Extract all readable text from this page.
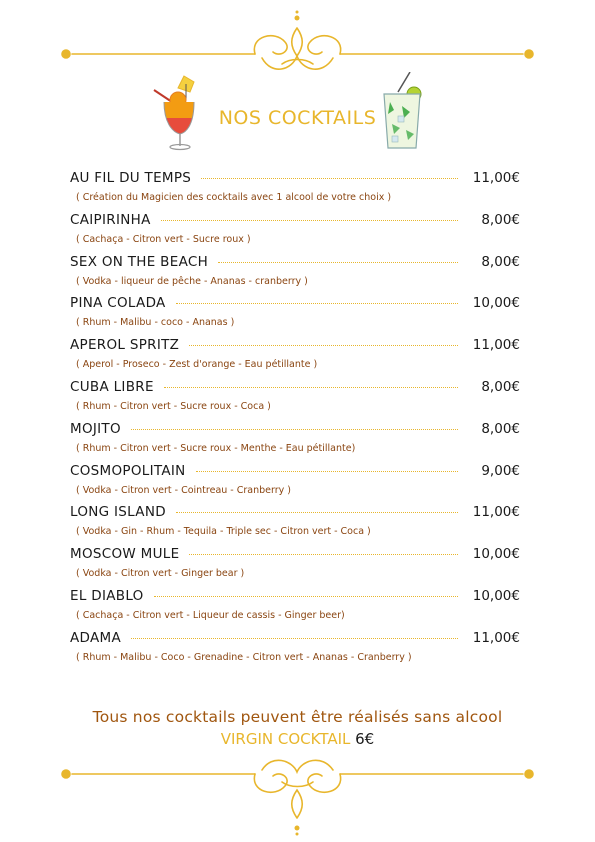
NOS COCKTAILS
AU FIL DU TEMPS	11,00€
( Création du Magicien des cocktails avec 1 alcool de votre choix )
CAIPIRINHA	8,00€
( Cachaça - Citron vert - Sucre roux )
SEX ON THE BEACH	8,00€
( Vodka - liqueur de pêche - Ananas - cranberry )
PINA COLADA	10,00€
( Rhum - Malibu - coco - Ananas )
APEROL SPRITZ	11,00€
( Aperol - Proseco - Zest d'orange - Eau pétillante )
CUBA LIBRE	8,00€
( Rhum - Citron vert - Sucre roux - Coca )
MOJITO	8,00€
( Rhum - Citron vert - Sucre roux - Menthe - Eau pétillante)
COSMOPOLITAIN	9,00€
( Vodka - Citron vert - Cointreau - Cranberry )
LONG ISLAND	11,00€
( Vodka - Gin - Rhum - Tequila - Triple sec - Citron vert - Coca )
MOSCOW MULE	10,00€
( Vodka - Citron vert - Ginger bear )
EL DIABLO	10,00€
( Cachaça - Citron vert - Liqueur de cassis - Ginger beer)
ADAMA	11,00€
( Rhum - Malibu - Coco - Grenadine - Citron vert - Ananas - Cranberry )
Tous nos cocktails peuvent être réalisés sans alcool
VIRGIN COCKTAIL 6€
